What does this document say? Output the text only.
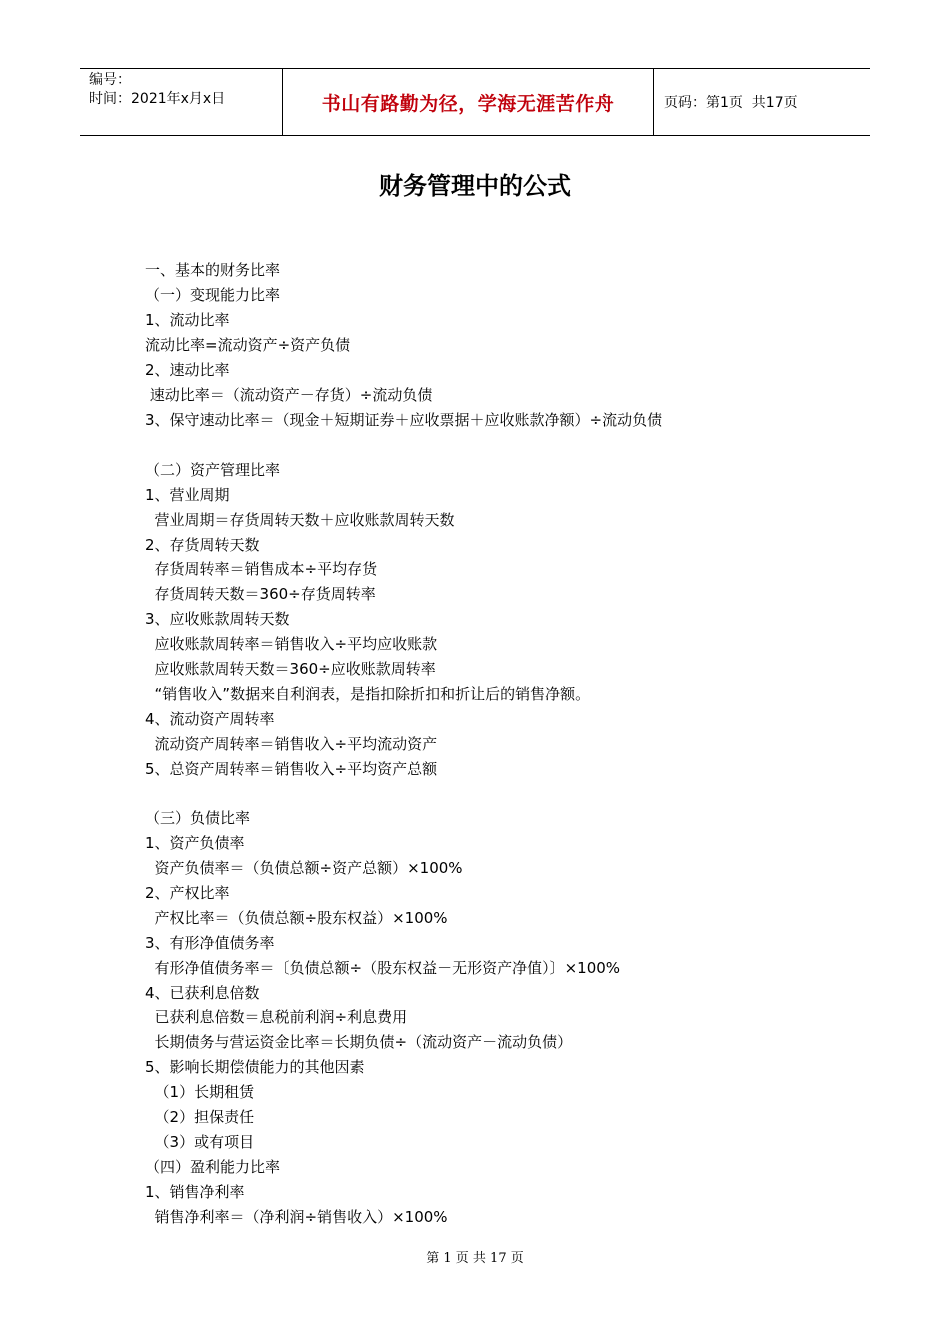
编号：
时间：2021年x月x日	书山有路勤为径，学海无涯苦作舟	页码：第1页  共17页
财务管理中的公式
一、基本的财务比率
（一）变现能力比率
1、流动比率
流动比率=流动资产÷资产负债
2、速动比率
速动比率＝（流动资产－存货）÷流动负债
3、保守速动比率＝（现金＋短期证券＋应收票据＋应收账款净额）÷流动负债
（二）资产管理比率
1、营业周期
营业周期＝存货周转天数＋应收账款周转天数
2、存货周转天数
存货周转率＝销售成本÷平均存货
存货周转天数＝360÷存货周转率
3、应收账款周转天数
应收账款周转率＝销售收入÷平均应收账款
应收账款周转天数＝360÷应收账款周转率
“销售收入”数据来自利润表，是指扣除折扣和折让后的销售净额。
4、流动资产周转率
流动资产周转率＝销售收入÷平均流动资产
5、总资产周转率＝销售收入÷平均资产总额
（三）负债比率
1、资产负债率
资产负债率＝（负债总额÷资产总额）×100%
2、产权比率
产权比率＝（负债总额÷股东权益）×100%
3、有形净值债务率
有形净值债务率＝〔负债总额÷（股东权益－无形资产净值）〕×100%
4、已获利息倍数
已获利息倍数＝息税前利润÷利息费用
长期债务与营运资金比率＝长期负债÷（流动资产－流动负债）
5、影响长期偿债能力的其他因素
（1）长期租赁
（2）担保责任
（3）或有项目
（四）盈利能力比率
1、销售净利率
销售净利率＝（净利润÷销售收入）×100%
第 1 页 共 17 页
